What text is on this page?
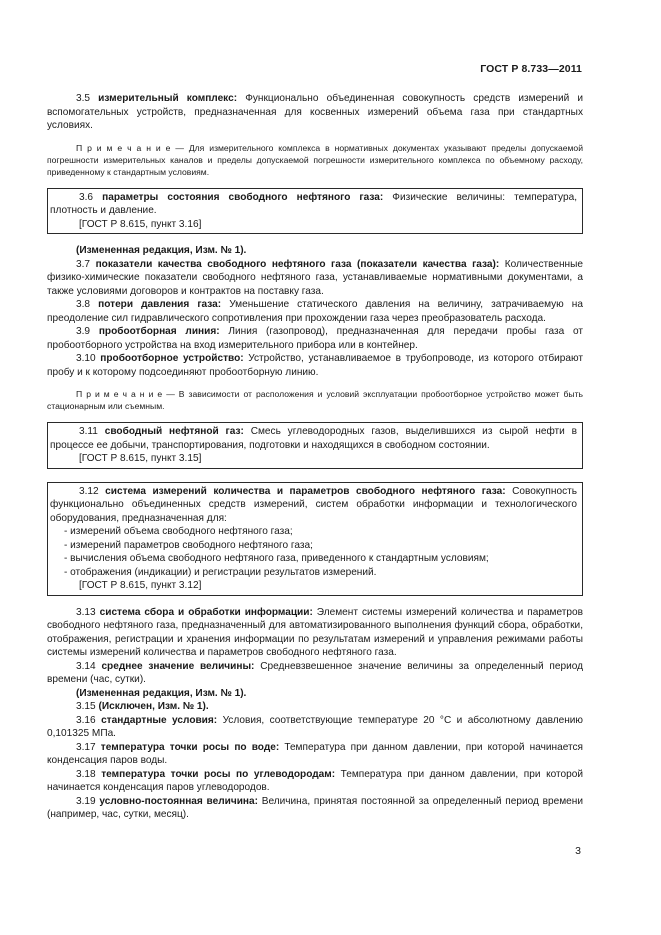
ГОСТ Р 8.733—2011

3.5 измерительный комплекс: Функционально объединенная совокупность средств измерений и вспомогательных устройств, предназначенная для косвенных измерений объема газа при стандартных условиях.

П р и м е ч а н и е — Для измерительного комплекса в нормативных документах указывают пределы допускаемой погрешности измерительных каналов и пределы допускаемой погрешности измерительного комплекса по объемному расходу, приведенному к стандартным условиям.

3.6 параметры состояния свободного нефтяного газа: Физические величины: температура, плотность и давление.

[ГОСТ Р 8.615, пункт 3.16]

(Измененная редакция, Изм. № 1).

3.7 показатели качества свободного нефтяного газа (показатели качества газа): Количественные физико-химические показатели свободного нефтяного газа, устанавливаемые нормативными документами, а также условиями договоров и контрактов на поставку газа.

3.8 потери давления газа: Уменьшение статического давления на величину, затрачиваемую на преодоление сил гидравлического сопротивления при прохождении газа через преобразователь расхода.

3.9 пробоотборная линия: Линия (газопровод), предназначенная для передачи пробы газа от пробоотборного устройства на вход измерительного прибора или в контейнер.

3.10 пробоотборное устройство: Устройство, устанавливаемое в трубопроводе, из которого отбирают пробу и к которому подсоединяют пробоотборную линию.

П р и м е ч а н и е — В зависимости от расположения и условий эксплуатации пробоотборное устройство может быть стационарным или съемным.

3.11 свободный нефтяной газ: Смесь углеводородных газов, выделившихся из сырой нефти в процессе ее добычи, транспортирования, подготовки и находящихся в свободном состоянии.

[ГОСТ Р 8.615, пункт 3.15]

3.12 система измерений количества и параметров свободного нефтяного газа: Совокупность функционально объединенных средств измерений, систем обработки информации и технологического оборудования, предназначенная для:

- измерений объема свободного нефтяного газа;

- измерений параметров свободного нефтяного газа;

- вычисления объема свободного нефтяного газа, приведенного к стандартным условиям;

- отображения (индикации) и регистрации результатов измерений.

[ГОСТ Р 8.615, пункт 3.12]

3.13 система сбора и обработки информации: Элемент системы измерений количества и параметров свободного нефтяного газа, предназначенный для автоматизированного выполнения функций сбора, обработки, отображения, регистрации и хранения информации по результатам измерений и управления режимами работы системы измерений количества и параметров свободного нефтяного газа.

3.14 среднее значение величины: Средневзвешенное значение величины за определенный период времени (час, сутки).

(Измененная редакция, Изм. № 1).

3.15 (Исключен, Изм. № 1).

3.16 стандартные условия: Условия, соответствующие температуре 20 °С и абсолютному давлению 0,101325 МПа.

3.17 температура точки росы по воде: Температура при данном давлении, при которой начинается конденсация паров воды.

3.18 температура точки росы по углеводородам: Температура при данном давлении, при которой начинается конденсация паров углеводородов.

3.19 условно-постоянная величина: Величина, принятая постоянной за определенный период времени (например, час, сутки, месяц).

3
